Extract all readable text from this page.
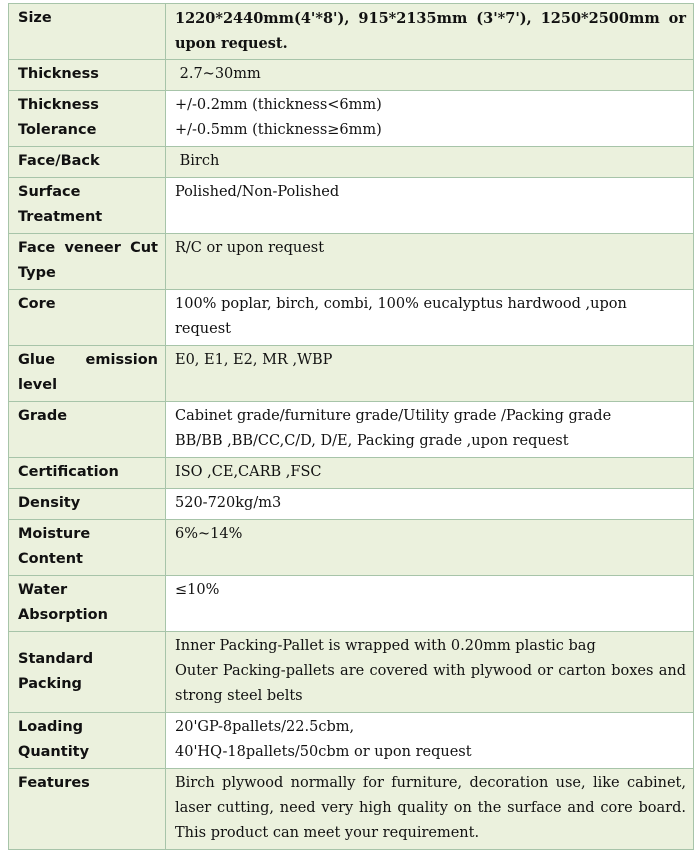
Size	1220*2440mm(4'*8'), 915*2135mm (3'*7'), 1250*2500mm or
upon request.

Thickness	2.7~30mm

Thickness
Tolerance	+/-0.2mm (thickness<6mm)
+/-0.5mm (thickness≥6mm)

Face/Back	Birch

Surface
Treatment	Polished/Non-Polished

Face veneer Cut
Type	R/C or upon request
Core	100% poplar, birch, combi, 100% eucalyptus hardwood ,upon request

Glue emission
level	E0, E1, E2, MR ,WBP
Grade	Cabinet grade/furniture grade/Utility grade /Packing grade
BB/BB ,BB/CC,C/D, D/E, Packing grade ,upon request

Certification	ISO ,CE,CARB ,FSC
Density	520-720kg/m3
Moisture Content	6%~14%
Water Absorption	≤10%
Standard Packing	Inner Packing-Pallet is wrapped with 0.20mm plastic bag
Outer Packing-pallets are covered with plywood or carton boxes and
strong steel belts

Loading Quantity	20'GP-8pallets/22.5cbm,
40'HQ-18pallets/50cbm or upon request

Features	Birch plywood normally for furniture, decoration use, like cabinet,
laser cutting, need very high quality on the surface and core board.
This product can meet your requirement.
